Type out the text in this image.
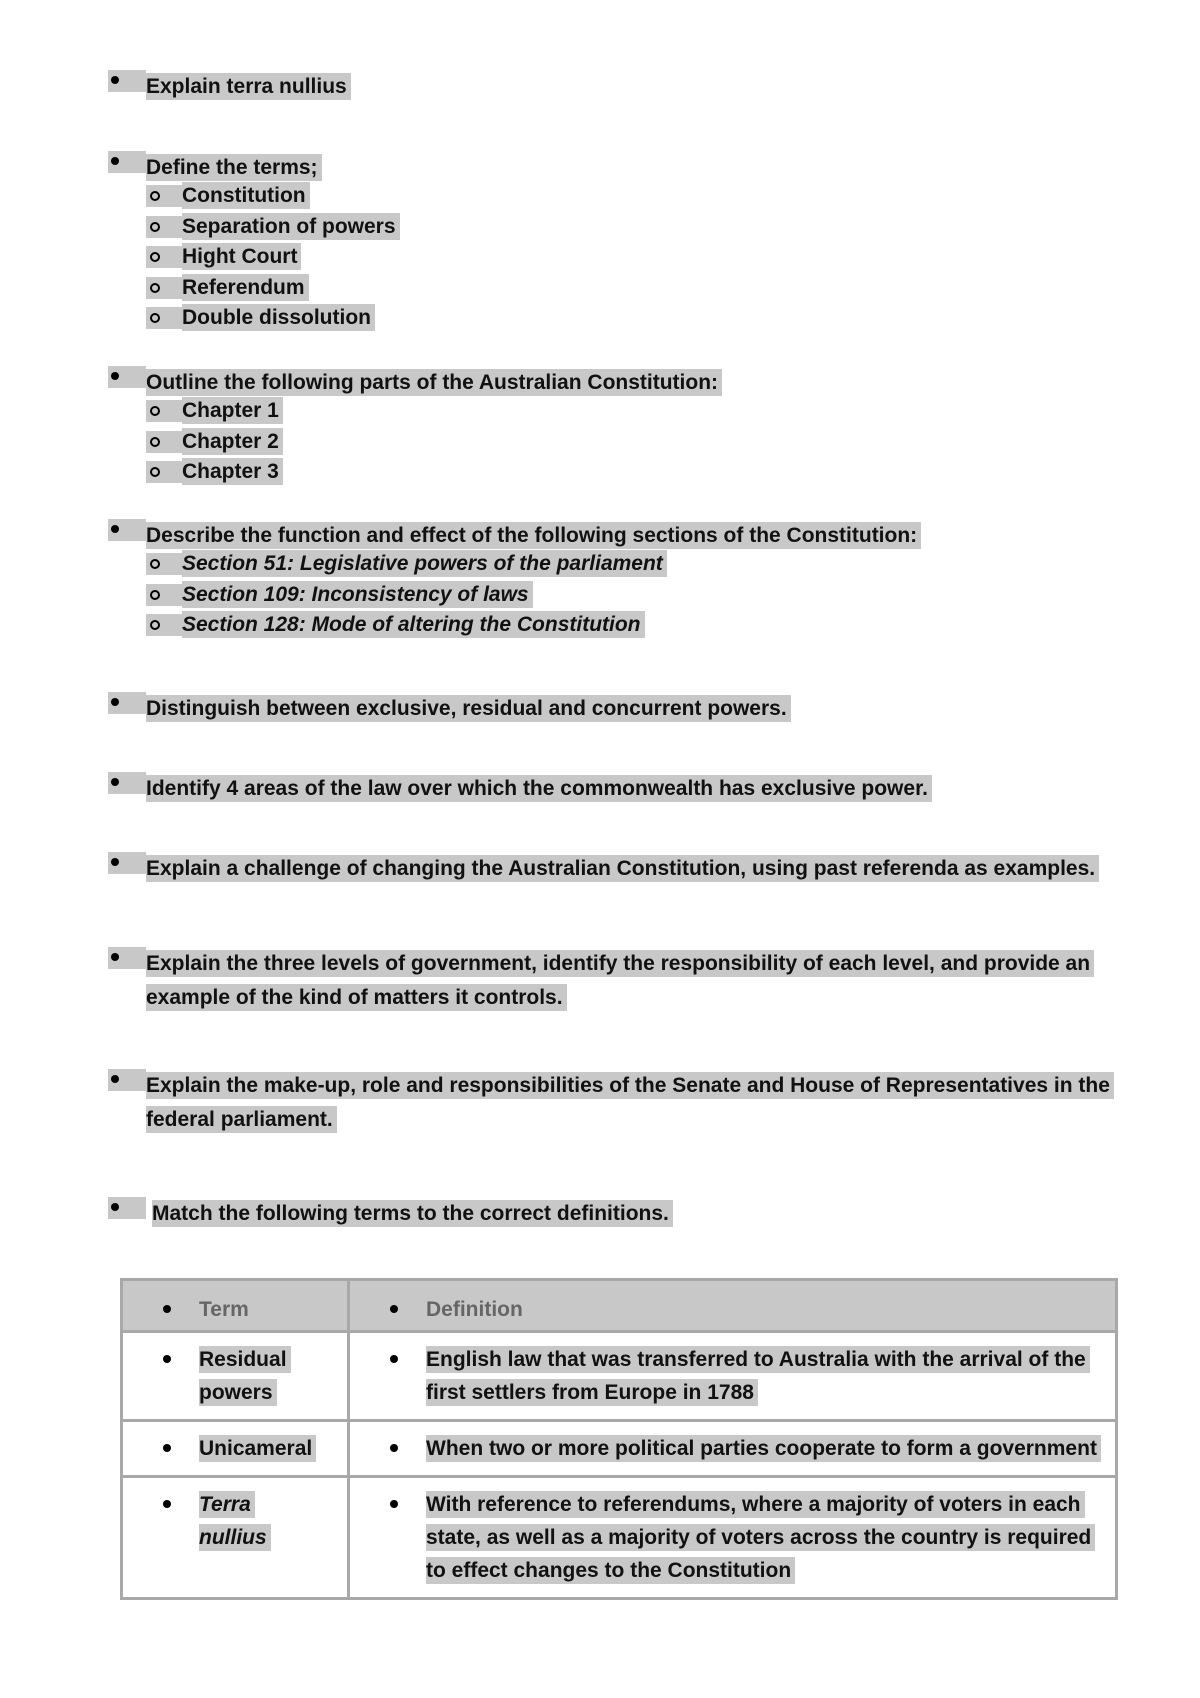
Explain terra nullius
Define the terms;
Constitution
Separation of powers
Hight Court
Referendum
Double dissolution
Outline the following parts of the Australian Constitution:
Chapter 1
Chapter 2
Chapter 3
Describe the function and effect of the following sections of the Constitution:
Section 51: Legislative powers of the parliament
Section 109: Inconsistency of laws
Section 128: Mode of altering the Constitution
Distinguish between exclusive, residual and concurrent powers.
Identify 4 areas of the law over which the commonwealth has exclusive power.
Explain a challenge of changing the Australian Constitution, using past referenda as examples.
Explain the three levels of government, identify the responsibility of each level, and provide an example of the kind of matters it controls.
Explain the make-up, role and responsibilities of the Senate and House of Representatives in the federal parliament.
Match the following terms to the correct definitions.
Term	Definition

Residual powers	English law that was transferred to Australia with the arrival of the first settlers from Europe in 1788

Unicameral	When two or more political parties cooperate to form a government

Terra nullius	With reference to referendums, where a majority of voters in each state, as well as a majority of voters across the country is required to effect changes to the Constitution
